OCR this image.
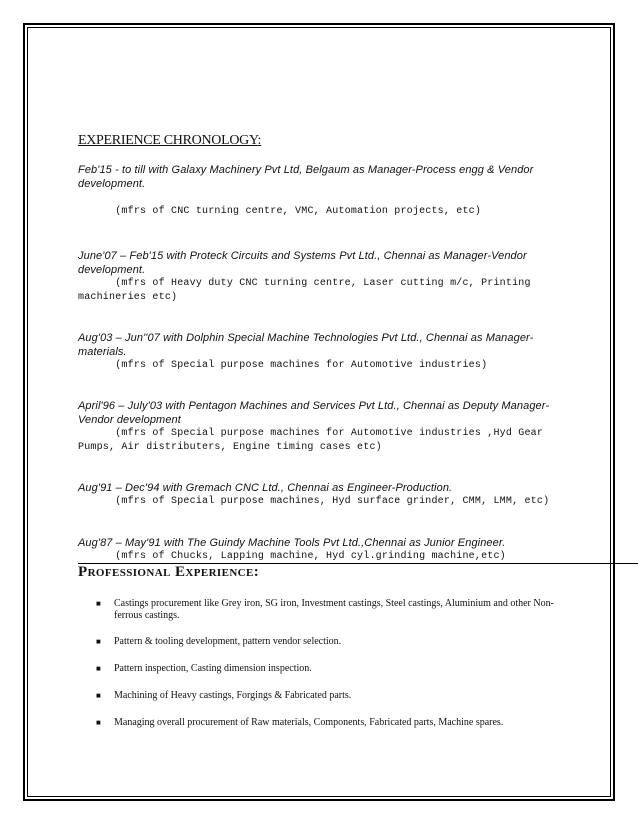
EXPERIENCE CHRONOLOGY:
Feb'15 - to till with Galaxy Machinery Pvt Ltd, Belgaum as Manager-Process engg & Vendor development.

(mfrs of CNC turning centre, VMC, Automation projects, etc)
June'07 – Feb'15 with Proteck Circuits and Systems Pvt Ltd., Chennai as Manager-Vendor development.
(mfrs of Heavy duty CNC turning centre, Laser cutting m/c, Printing machineries etc)
Aug'03 – Jun''07 with Dolphin Special Machine Technologies Pvt Ltd., Chennai as Manager-materials.
(mfrs of Special purpose machines for Automotive industries)
April'96 – July'03 with Pentagon Machines and Services Pvt Ltd., Chennai as Deputy Manager-Vendor development
(mfrs of Special purpose machines for Automotive industries ,Hyd Gear Pumps, Air distributers, Engine timing cases etc)
Aug'91 – Dec'94 with Gremach CNC Ltd., Chennai as Engineer-Production.
(mfrs of Special purpose machines, Hyd surface grinder, CMM, LMM, etc)
Aug'87 – May'91 with The Guindy Machine Tools Pvt Ltd.,Chennai as Junior Engineer.
(mfrs of Chucks, Lapping machine, Hyd cyl.grinding machine,etc)
Professional Experience:
■ Castings procurement like Grey iron, SG iron, Investment castings, Steel castings, Aluminium and other Non-ferrous castings.
■ Pattern & tooling development, pattern vendor selection.
■ Pattern inspection, Casting dimension inspection.
■ Machining of Heavy castings, Forgings & Fabricated parts.
■ Managing overall procurement of Raw materials, Components, Fabricated parts, Machine spares.
